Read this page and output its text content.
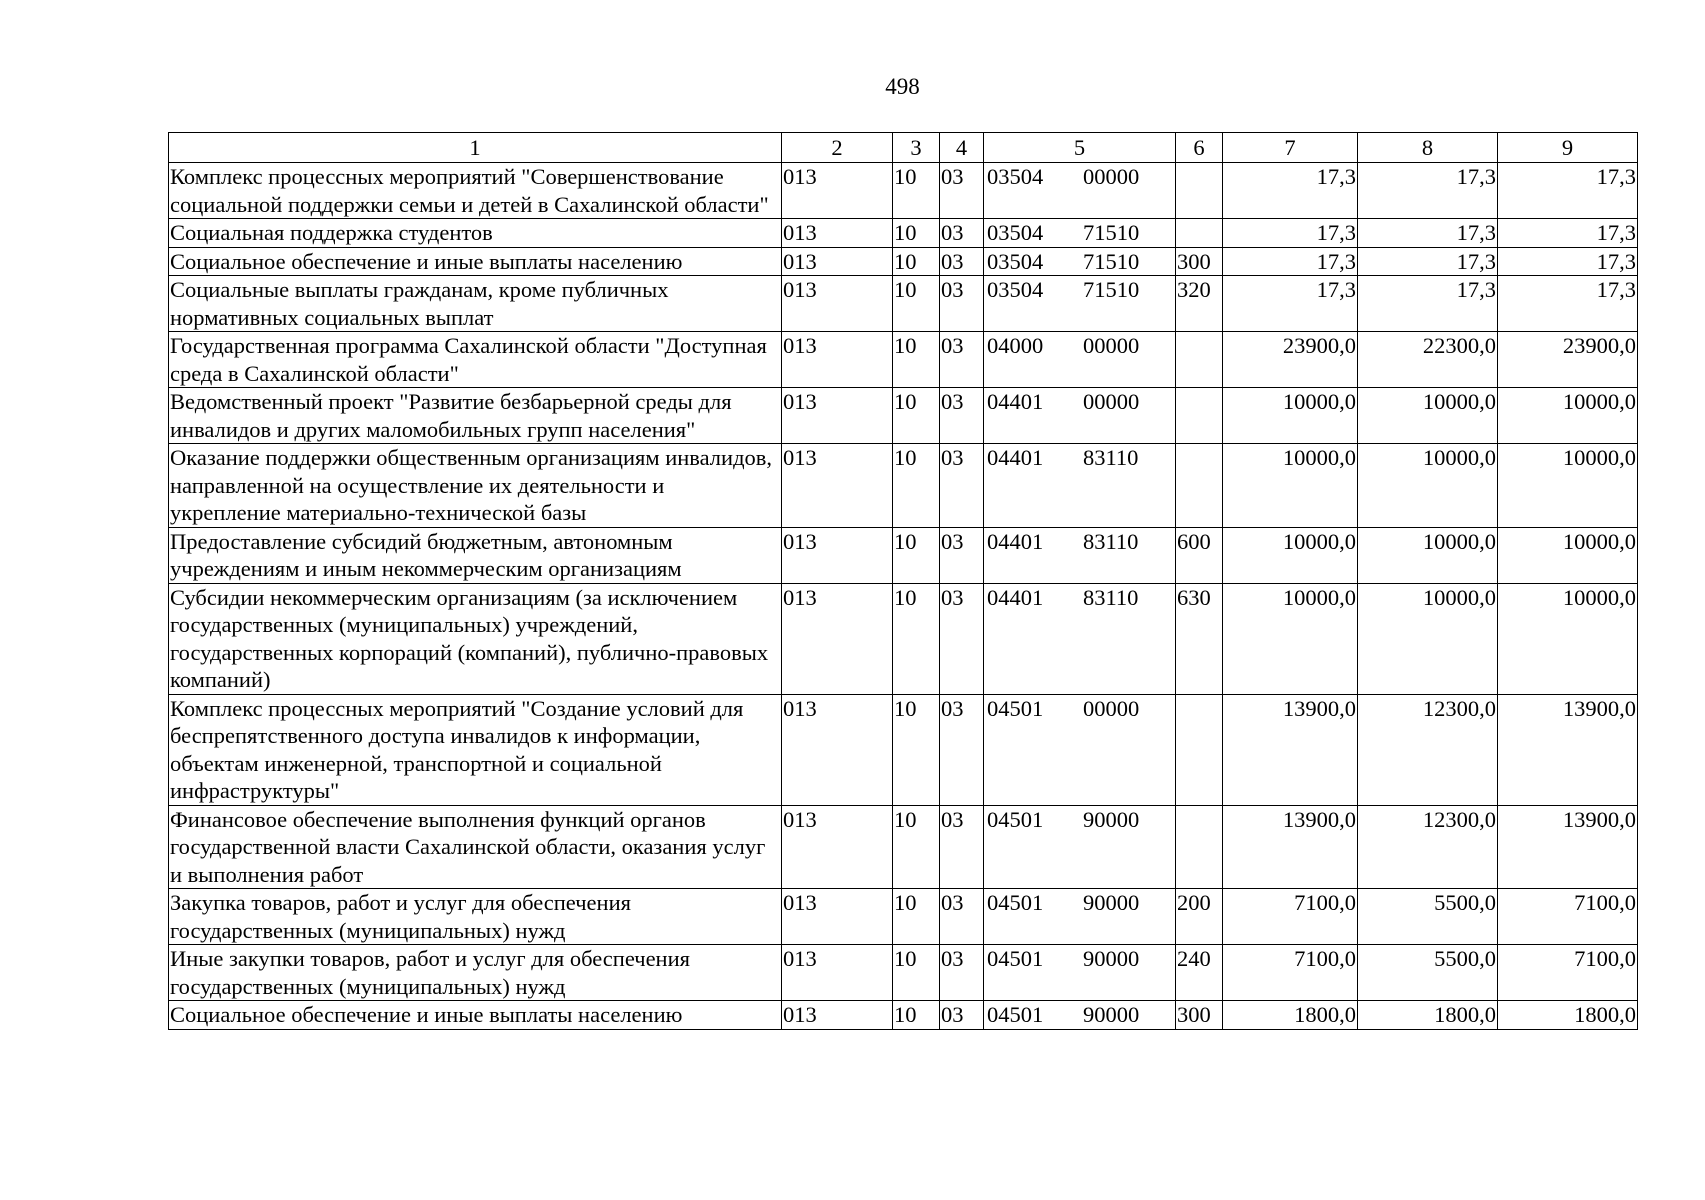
498
1	2	3	4	5	6	7	8	9
Комплекс процессных мероприятий "Совершенствование социальной поддержки семьи и детей в Сахалинской области"	013	10	03	03504 00000		17,3	17,3	17,3
Социальная поддержка студентов	013	10	03	03504 71510		17,3	17,3	17,3
Социальное обеспечение и иные выплаты населению	013	10	03	03504 71510	300	17,3	17,3	17,3
Социальные выплаты гражданам, кроме публичных нормативных социальных выплат	013	10	03	03504 71510	320	17,3	17,3	17,3
Государственная программа Сахалинской области "Доступная среда в Сахалинской области"	013	10	03	04000 00000		23900,0	22300,0	23900,0
Ведомственный проект "Развитие безбарьерной среды для инвалидов и других маломобильных групп населения"	013	10	03	04401 00000		10000,0	10000,0	10000,0
Оказание поддержки общественным организациям инвалидов, направленной на осуществление их деятельности и укрепление материально-технической базы	013	10	03	04401 83110		10000,0	10000,0	10000,0
Предоставление субсидий бюджетным, автономным учреждениям и иным некоммерческим организациям	013	10	03	04401 83110	600	10000,0	10000,0	10000,0
Субсидии некоммерческим организациям (за исключением государственных (муниципальных) учреждений, государственных корпораций (компаний), публично-правовых компаний)	013	10	03	04401 83110	630	10000,0	10000,0	10000,0
Комплекс процессных мероприятий "Создание условий для беспрепятственного доступа инвалидов к информации, объектам инженерной, транспортной и социальной инфраструктуры"	013	10	03	04501 00000		13900,0	12300,0	13900,0
Финансовое обеспечение выполнения функций органов государственной власти Сахалинской области, оказания услуг и выполнения работ	013	10	03	04501 90000		13900,0	12300,0	13900,0
Закупка товаров, работ и услуг для обеспечения государственных (муниципальных) нужд	013	10	03	04501 90000	200	7100,0	5500,0	7100,0
Иные закупки товаров, работ и услуг для обеспечения государственных (муниципальных) нужд	013	10	03	04501 90000	240	7100,0	5500,0	7100,0
Социальное обеспечение и иные выплаты населению	013	10	03	04501 90000	300	1800,0	1800,0	1800,0
